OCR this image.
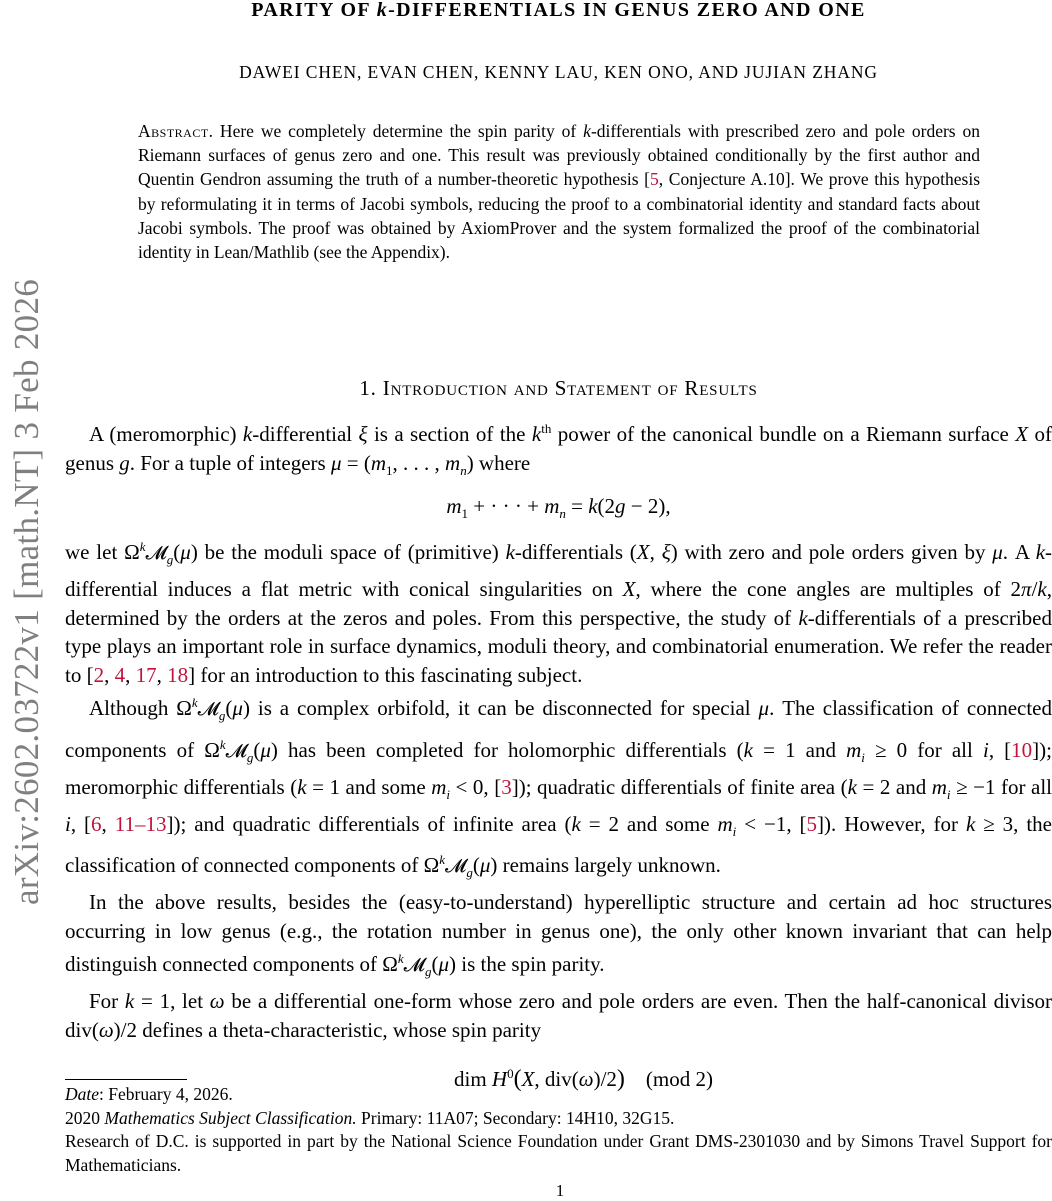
arXiv:2602.03722v1 [math.NT] 3 Feb 2026
PARITY OF k-DIFFERENTIALS IN GENUS ZERO AND ONE
DAWEI CHEN, EVAN CHEN, KENNY LAU, KEN ONO, AND JUJIAN ZHANG

Abstract. Here we completely determine the spin parity of k-differentials with prescribed zero and pole orders on Riemann surfaces of genus zero and one. This result was previously obtained conditionally by the first author and Quentin Gendron assuming the truth of a number-theoretic hypothesis [5, Conjecture A.10]. We prove this hypothesis by reformulating it in terms of Jacobi symbols, reducing the proof to a combinatorial identity and standard facts about Jacobi symbols. The proof was obtained by AxiomProver and the system formalized the proof of the combinatorial identity in Lean/Mathlib (see the Appendix).

1. Introduction and Statement of Results

A (meromorphic) k-differential ξ is a section of the $k^{th}$ power of the canonical bundle on a Riemann surface X of genus g. For a tuple of integers $\mu = (m_1$, . . . , $m_n$) where

$m_1$ + · · · + $m_n = k(2g - 2)$,

we let $\Omega^k𝓜_g(\mu)$ be the moduli space of (primitive) k-differentials (X, ξ) with zero and pole orders given by μ. A k-differential induces a flat metric with conical singularities on X, where the cone angles are multiples of 2π/k, determined by the orders at the zeros and poles. From this perspective, the study of k-differentials of a prescribed type plays an important role in surface dynamics, moduli theory, and combinatorial enumeration. We refer the reader to [2, 4, 17, 18] for an introduction to this fascinating subject.

Although $\Omega^k𝓜_g(\mu)$ is a complex orbifold, it can be disconnected for special μ. The classification of connected components of $\Omega^k𝓜_g(\mu)$ has been completed for holomorphic differentials (k = 1 and $m_i \ge 0$ for all i, [10]); meromorphic differentials (k = 1 and some $m_i < 0$, [3]); quadratic differentials of finite area (k = 2 and $m_i \ge -1$ for all i, [6, 11–13]); and quadratic differentials of infinite area (k = 2 and some $m_i < -1$, [5]). However, for k ≥ 3, the classification of connected components of $\Omega^k𝓜_g(\mu)$ remains largely unknown.

In the above results, besides the (easy-to-understand) hyperelliptic structure and certain ad hoc structures occurring in low genus (e.g., the rotation number in genus one), the only other known invariant that can help distinguish connected components of $\Omega^k𝓜_g(\mu)$ is the spin parity.

For k = 1, let ω be a differential one-form whose zero and pole orders are even. Then the half-canonical divisor div(ω)/2 defines a theta-characteristic, whose spin parity

dim $H^0(X$, div(ω)/2)    (mod 2)

Date: February 4, 2026.

2020 Mathematics Subject Classification. Primary: 11A07; Secondary: 14H10, 32G15.

Research of D.C. is supported in part by the National Science Foundation under Grant DMS-2301030 and by Simons Travel Support for Mathematicians.

1
